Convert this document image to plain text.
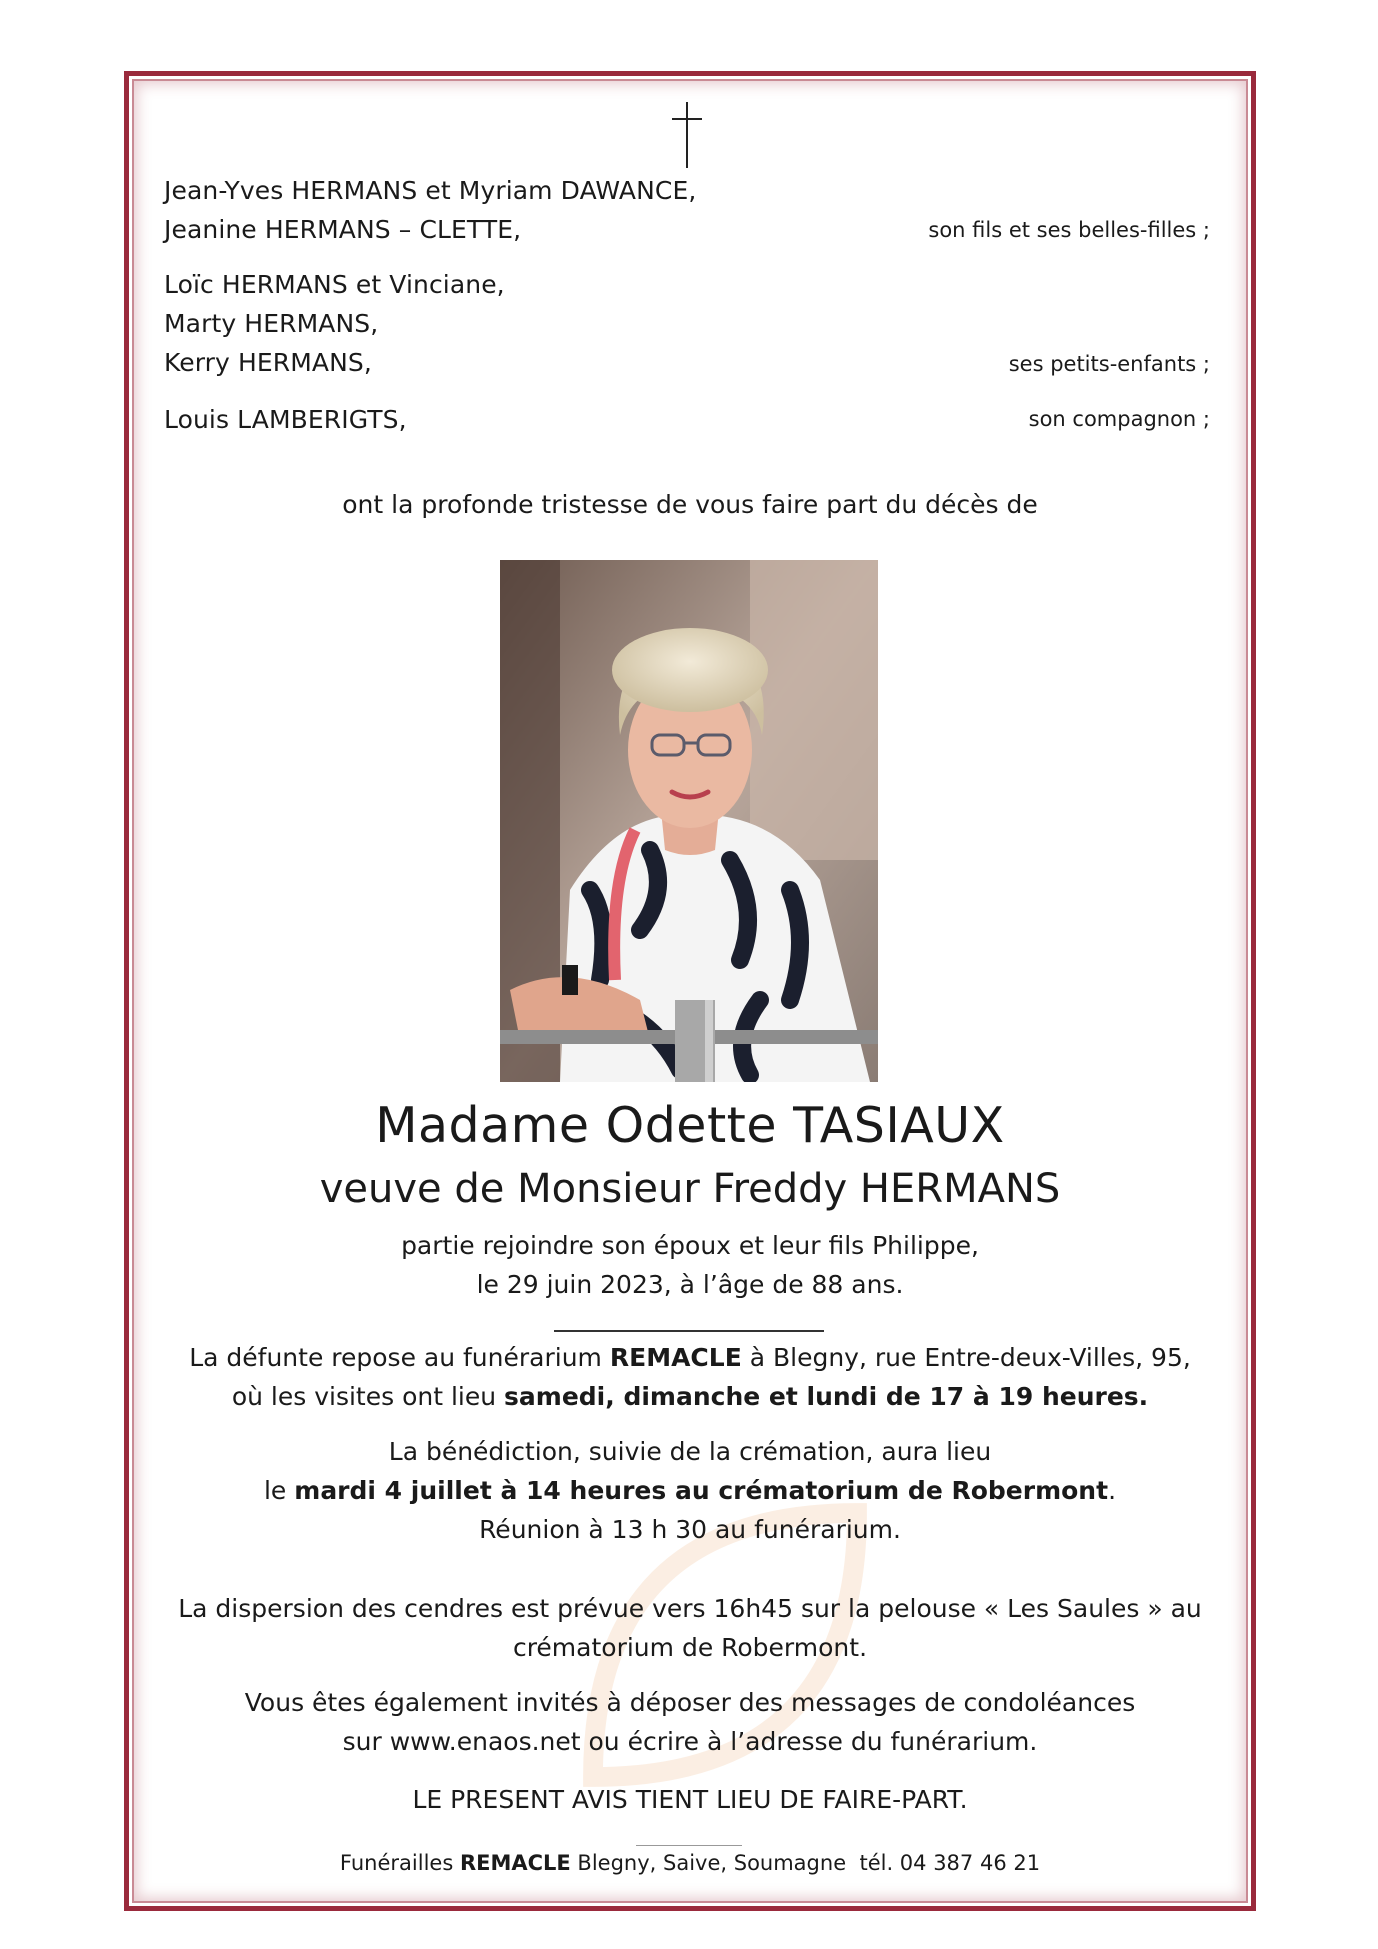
Jean-Yves HERMANS et Myriam DAWANCE,
Jeanine HERMANS – CLETTE,	son fils et ses belles-filles ;
Loïc HERMANS et Vinciane,
Marty HERMANS,
Kerry HERMANS,	ses petits-enfants ;
Louis LAMBERIGTS,	son compagnon ;
ont la profonde tristesse de vous faire part du décès de
Madame Odette TASIAUX
veuve de Monsieur Freddy HERMANS
partie rejoindre son époux et leur fils Philippe,
le 29 juin 2023, à l’âge de 88 ans.
La défunte repose au funérarium REMACLE à Blegny, rue Entre-deux-Villes, 95,
où les visites ont lieu samedi, dimanche et lundi de 17 à 19 heures.
La bénédiction, suivie de la crémation, aura lieu
le mardi 4 juillet à 14 heures au crématorium de Robermont.
Réunion à 13 h 30 au funérarium.
La dispersion des cendres est prévue vers 16h45 sur la pelouse « Les Saules » au
crématorium de Robermont.
Vous êtes également invités à déposer des messages de condoléances
sur www.enaos.net ou écrire à l’adresse du funérarium.
LE PRESENT AVIS TIENT LIEU DE FAIRE-PART.
Funérailles REMACLE Blegny, Saive, Soumagne  tél. 04 387 46 21
